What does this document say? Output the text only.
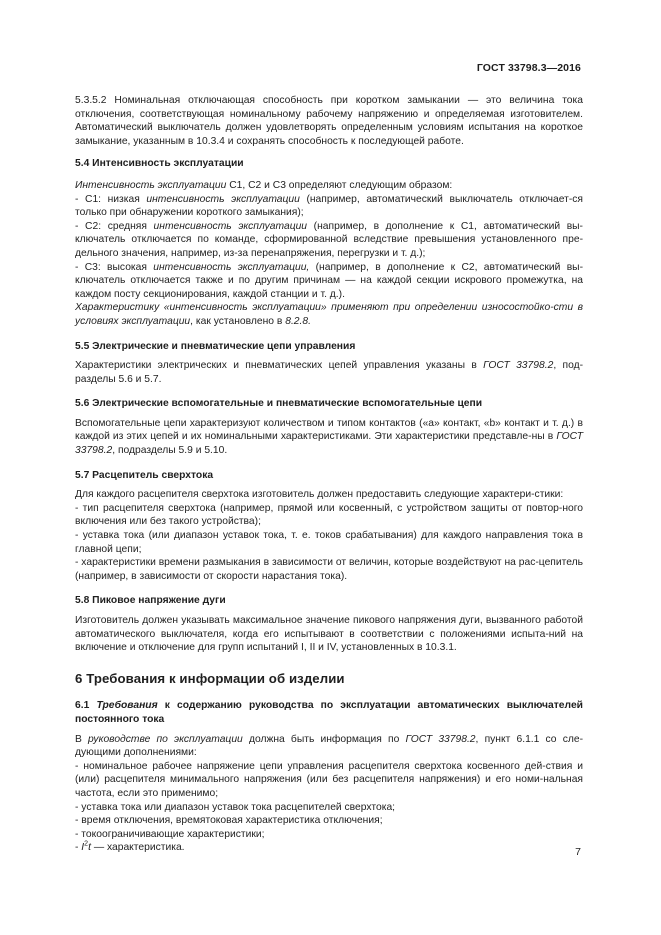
ГОСТ 33798.3—2016

5.3.5.2 Номинальная отключающая способность при коротком замыкании — это величина тока отключения, соответствующая номинальному рабочему напряжению и определяемая изготовителем. Автоматический выключатель должен удовлетворять определенным условиям испытания на короткое замыкание, указанным в 10.3.4 и сохранять способность к последующей работе.

5.4 Интенсивность эксплуатации

Интенсивность эксплуатации С1, С2 и С3 определяют следующим образом:

- С1: низкая интенсивность эксплуатации (например, автоматический выключатель отключает-ся только при обнаружении короткого замыкания);

- С2: средняя интенсивность эксплуатации (например, в дополнение к С1, автоматический вы-ключатель отключается по команде, сформированной вследствие превышения установленного пре-дельного значения, например, из-за перенапряжения, перегрузки и т. д.);

- С3: высокая интенсивность эксплуатации, (например, в дополнение к С2, автоматический вы-ключатель отключается также и по другим причинам — на каждой секции искрового промежутка, на каждом посту секционирования, каждой станции и т. д.).

Характеристику «интенсивность эксплуатации» применяют при определении износостойко-сти в условиях эксплуатации, как установлено в 8.2.8.

5.5 Электрические и пневматические цепи управления

Характеристики электрических и пневматических цепей управления указаны в ГОСТ 33798.2, под-разделы 5.6 и 5.7.

5.6 Электрические вспомогательные и пневматические вспомогательные цепи

Вспомогательные цепи характеризуют количеством и типом контактов («а» контакт, «b» контакт и т. д.) в каждой из этих цепей и их номинальными характеристиками. Эти характеристики представле-ны в ГОСТ 33798.2, подразделы 5.9 и 5.10.

5.7 Расцепитель сверхтока

Для каждого расцепителя сверхтока изготовитель должен предоставить следующие характери-стики:

- тип расцепителя сверхтока (например, прямой или косвенный, с устройством защиты от повтор-ного включения или без такого устройства);

- уставка тока (или диапазон уставок тока, т. е. токов срабатывания) для каждого направления тока в главной цепи;

- характеристики времени размыкания в зависимости от величин, которые воздействуют на рас-цепитель (например, в зависимости от скорости нарастания тока).

5.8 Пиковое напряжение дуги

Изготовитель должен указывать максимальное значение пикового напряжения дуги, вызванного работой автоматического выключателя, когда его испытывают в соответствии с положениями испыта-ний на включение и отключение для групп испытаний I, II и IV, установленных в 10.3.1.

6 Требования к информации об изделии

6.1 Требования к содержанию руководства по эксплуатации автоматических выключателей постоянного тока

В руководстве по эксплуатации должна быть информация по ГОСТ 33798.2, пункт 6.1.1 со сле-дующими дополнениями:

- номинальное рабочее напряжение цепи управления расцепителя сверхтока косвенного дей-ствия и (или) расцепителя минимального напряжения (или без расцепителя напряжения) и его номи-нальная частота, если это применимо;

- уставка тока или диапазон уставок тока расцепителей сверхтока;

- время отключения, времятоковая характеристика отключения;

- токоограничивающие характеристики;

- $I^2t$ — характеристика.	7
